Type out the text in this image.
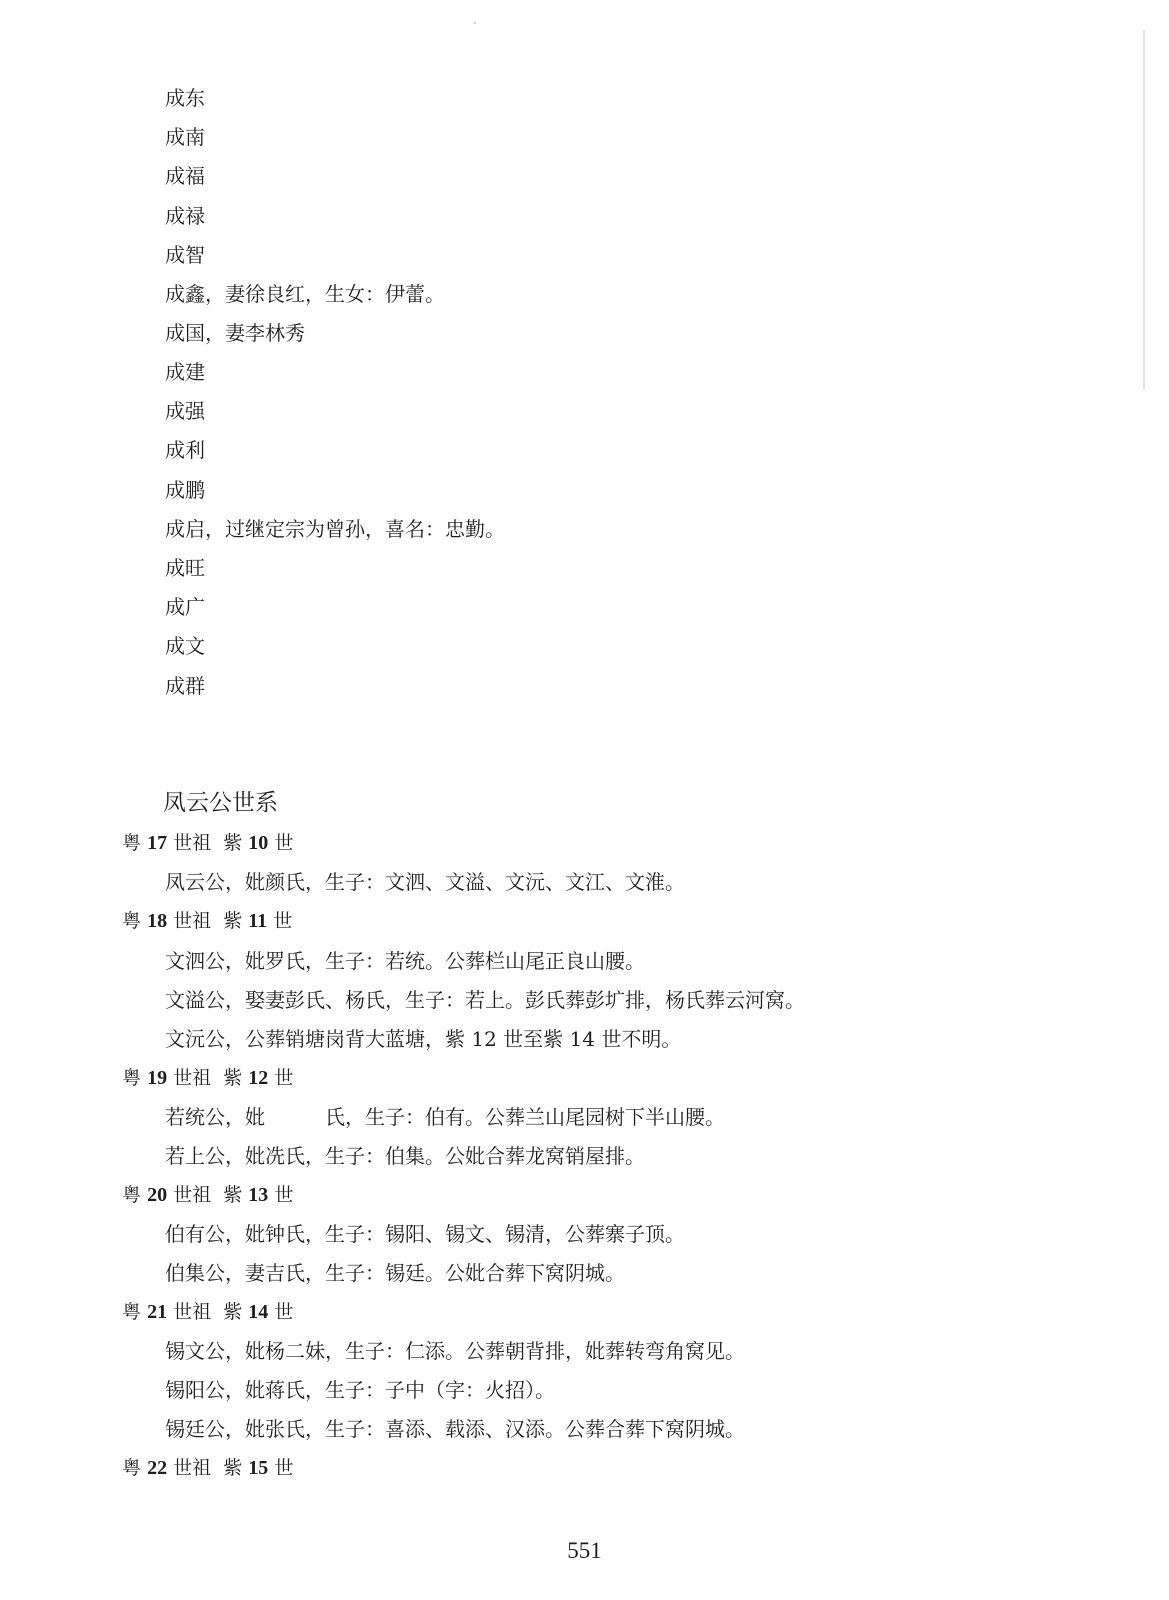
成东
成南
成福
成禄
成智
成鑫，妻徐良红，生女：伊蕾。
成国，妻李林秀
成建
成强
成利
成鹏
成启，过继定宗为曾孙，喜名：忠勤。
成旺
成广
成文
成群
凤云公世系
粤 17 世祖 紫 10 世
凤云公，妣颜氏，生子：文泗、文溢、文沅、文江、文淮。
粤 18 世祖 紫 11 世
文泗公，妣罗氏，生子：若统。公葬栏山尾正良山腰。
文溢公，娶妻彭氏、杨氏，生子：若上。彭氏葬彭圹排，杨氏葬云河窝。
文沅公，公葬销塘岗背大蓝塘，紫 12 世至紫 14 世不明。
粤 19 世祖 紫 12 世
若统公，妣　　　氏，生子：伯有。公葬兰山尾园树下半山腰。
若上公，妣冼氏，生子：伯集。公妣合葬龙窝销屋排。
粤 20 世祖 紫 13 世
伯有公，妣钟氏，生子：锡阳、锡文、锡清，公葬寨子顶。
伯集公，妻吉氏，生子：锡廷。公妣合葬下窝阴城。
粤 21 世祖 紫 14 世
锡文公，妣杨二妹，生子：仁添。公葬朝背排，妣葬转弯角窝见。
锡阳公，妣蒋氏，生子：子中（字：火招）。
锡廷公，妣张氏，生子：喜添、载添、汉添。公葬合葬下窝阴城。
粤 22 世祖 紫 15 世
551
